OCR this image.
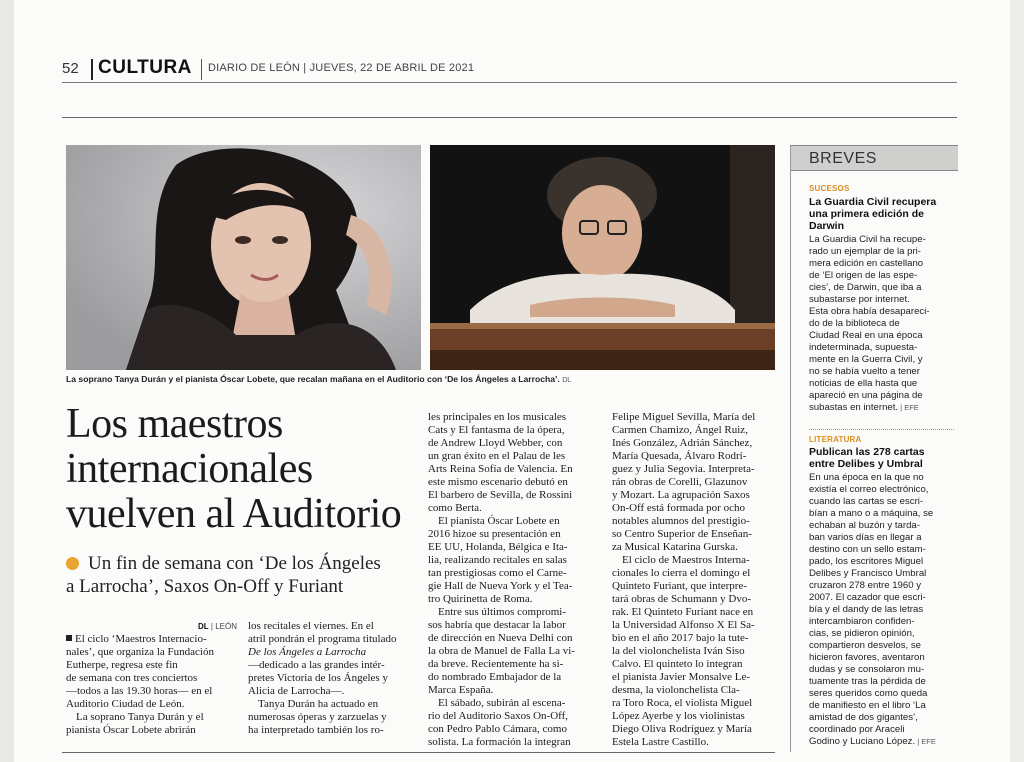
52 CULTURA DIARIO DE LEÓN | JUEVES, 22 DE ABRIL DE 2021
La soprano Tanya Durán y el pianista Óscar Lobete, que recalan mañana en el Auditorio con ‘De los Ángeles a Larrocha’. DL
Los maestros
internacionales
vuelven al Auditorio
Un fin de semana con ‘De los Ángeles
a Larrocha’, Saxos On-Off y Furiant
DL | LEÓN
El ciclo ‘Maestros Internacio-
nales’, que organiza la Fundación
Eutherpe, regresa este fin
de semana con tres conciertos
—todos a las 19.30 horas— en el
Auditorio Ciudad de León.
La soprano Tanya Durán y el
pianista Óscar Lobete abrirán
los recitales el viernes. En el
atril pondrán el programa titulado
De los Ángeles a Larrocha
—dedicado a las grandes intér-
pretes Victoria de los Ángeles y
Alicia de Larrocha—.
Tanya Durán ha actuado en
numerosas óperas y zarzuelas y
ha interpretado también los ro-
les principales en los musicales
Cats y El fantasma de la ópera,
de Andrew Lloyd Webber, con
un gran éxito en el Palau de les
Arts Reina Sofía de Valencia. En
este mismo escenario debutó en
El barbero de Sevilla, de Rossini
como Berta.
El pianista Óscar Lobete en
2016 hizoe su presentación en
EE UU, Holanda, Bélgica e Ita-
lia, realizando recitales en salas
tan prestigiosas como el Carne-
gie Hall de Nueva York y el Tea-
tro Quirinetta de Roma.
Entre sus últimos compromi-
sos habría que destacar la labor
de dirección en Nueva Delhi con
la obra de Manuel de Falla La vi-
da breve. Recientemente ha si-
do nombrado Embajador de la
Marca España.
El sábado, subirán al escena-
rio del Auditorio Saxos On-Off,
con Pedro Pablo Cámara, como
solista. La formación la integran
Felipe Miguel Sevilla, María del
Carmen Chamizo, Ángel Ruiz,
Inés González, Adrián Sánchez,
María Quesada, Álvaro Rodrí-
guez y Julia Segovia. Interpreta-
rán obras de Corelli, Glazunov
y Mozart. La agrupación Saxos
On-Off está formada por ocho
notables alumnos del prestigio-
so Centro Superior de Enseñan-
za Musical Katarina Gurska.
El ciclo de Maestros Interna-
cionales lo cierra el domingo el
Quinteto Furiant, que interpre-
tará obras de Schumann y Dvo-
rak. El Quinteto Furiant nace en
la Universidad Alfonso X El Sa-
bio en el año 2017 bajo la tute-
la del violonchelista Iván Siso
Calvo. El quinteto lo integran
el pianista Javier Monsalve Le-
desma, la violonchelista Cla-
ra Toro Roca, el violista Miguel
López Ayerbe y los violinistas
Diego Oliva Rodríguez y María
Estela Lastre Castillo.
BREVES
SUCESOS
La Guardia Civil recupera
una primera edición de
Darwin
La Guardia Civil ha recupe-
rado un ejemplar de la pri-
mera edición en castellano
de ‘El origen de las espe-
cies’, de Darwin, que iba a
subastarse por internet.
Esta obra había desapareci-
do de la biblioteca de
Ciudad Real en una época
indeterminada, supuesta-
mente en la Guerra Civil, y
no se había vuelto a tener
noticias de ella hasta que
apareció en una página de
subastas en internet. | EFE
LITERATURA
Publican las 278 cartas
entre Delibes y Umbral
En una época en la que no
existía el correo electrónico,
cuando las cartas se escri-
bían a mano o a máquina, se
echaban al buzón y tarda-
ban varios días en llegar a
destino con un sello estam-
pado, los escritores Miguel
Delibes y Francisco Umbral
cruzaron 278 entre 1960 y
2007. El cazador que escri-
bía y el dandy de las letras
intercambiaron confiden-
cias, se pidieron opinión,
compartieron desvelos, se
hicieron favores, aventaron
dudas y se consolaron mu-
tuamente tras la pérdida de
seres queridos como queda
de manifiesto en el libro ‘La
amistad de dos gigantes’,
coordinado por Araceli
Godino y Luciano López. | EFE
